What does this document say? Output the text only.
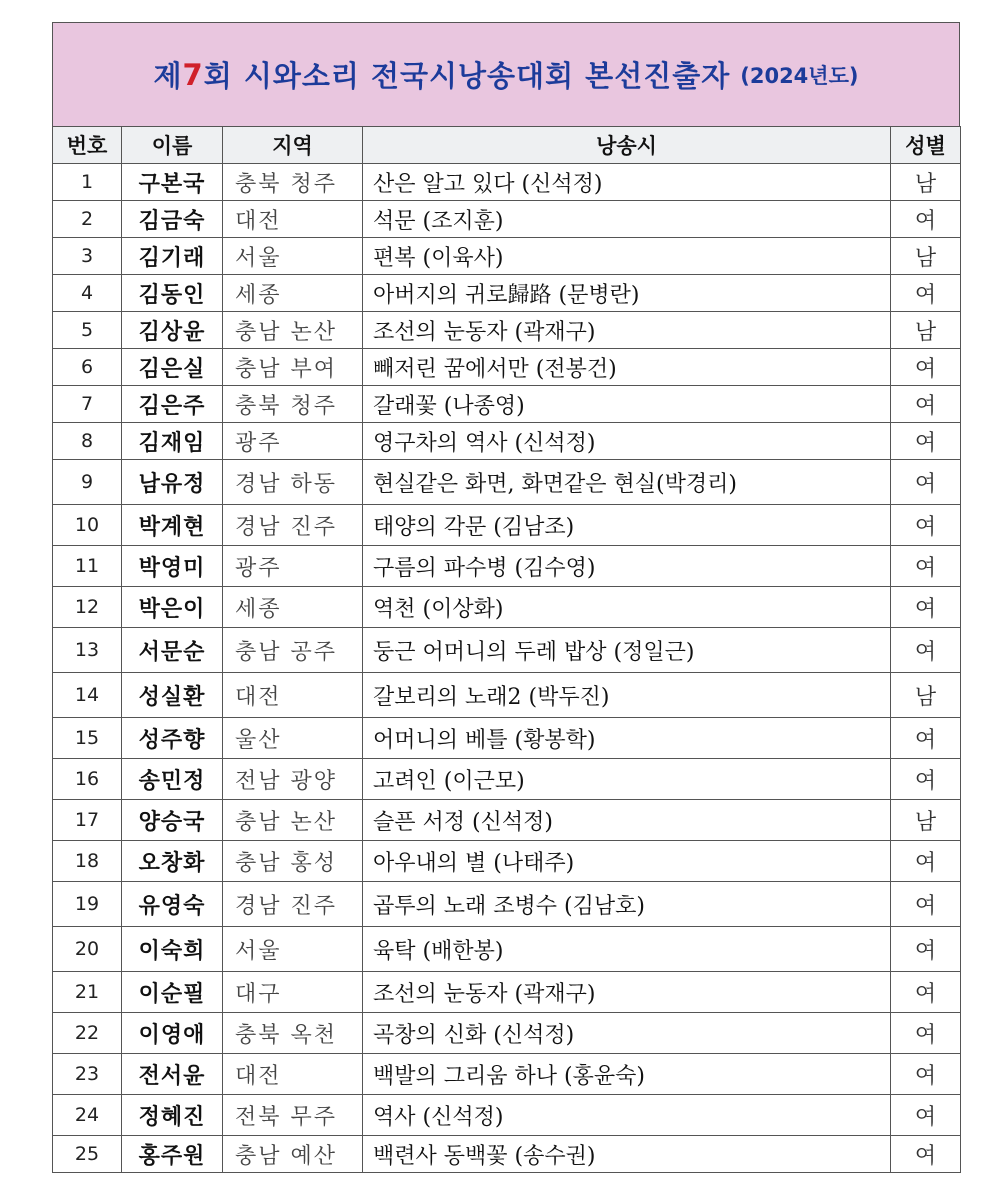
제 7 회 시와소리 전국시낭송대회 본선진출자 (2024년도)
번호	이름	지역	낭송시	성별
1	구본국	충북 청주	산은 알고 있다 (신석정)	남
2	김금숙	대전	석문 (조지훈)	여
3	김기래	서울	편복 (이육사)	남
4	김동인	세종	아버지의 귀로歸路 (문병란)	여
5	김상윤	충남 논산	조선의 눈동자 (곽재구)	남
6	김은실	충남 부여	빼저린 꿈에서만 (전봉건)	여
7	김은주	충북 청주	갈래꽃 (나종영)	여
8	김재임	광주	영구차의 역사 (신석정)	여
9	남유정	경남 하동	현실같은 화면, 화면같은 현실(박경리)	여
10	박계현	경남 진주	태양의 각문 (김남조)	여
11	박영미	광주	구름의 파수병 (김수영)	여
12	박은이	세종	역천 (이상화)	여
13	서문순	충남 공주	둥근 어머니의 두레 밥상 (정일근)	여
14	성실환	대전	갈보리의 노래2 (박두진)	남
15	성주향	울산	어머니의 베틀 (황봉학)	여
16	송민정	전남 광양	고려인 (이근모)	여
17	양승국	충남 논산	슬픈 서정 (신석정)	남
18	오창화	충남 홍성	아우내의 별 (나태주)	여
19	유영숙	경남 진주	곱투의 노래 조병수 (김남호)	여
20	이숙희	서울	육탁 (배한봉)	여
21	이순필	대구	조선의 눈동자 (곽재구)	여
22	이영애	충북 옥천	곡창의 신화 (신석정)	여
23	전서윤	대전	백발의 그리움 하나 (홍윤숙)	여
24	정혜진	전북 무주	역사 (신석정)	여
25	홍주원	충남 예산	백련사 동백꽃 (송수권)	여
